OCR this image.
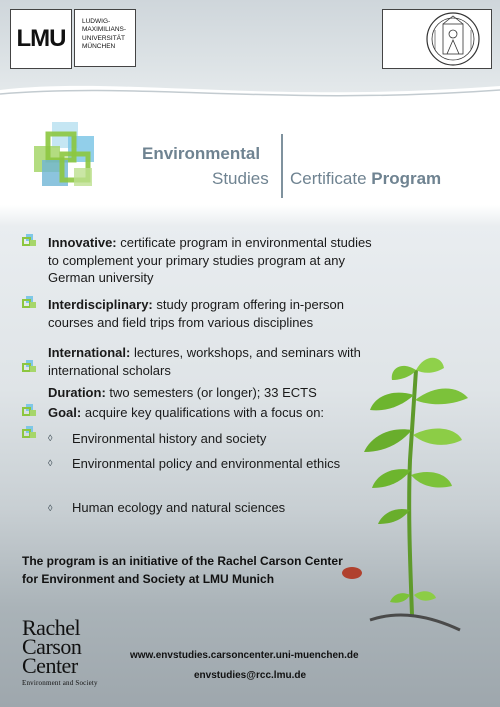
LMU
LUDWIG-
MAXIMILIANS-
UNIVERSITÄT
MÜNCHEN
Environmental
Studies Certificate Program
Innovative: certificate program in environmental studies to complement your primary studies program at any German university
Interdisciplinary: study program offering in-person courses and field trips from various disciplines
International: lectures, workshops, and seminars with international scholars
Duration: two semesters (or longer); 33 ECTS
Goal: acquire key qualifications with a focus on:
◊ Environmental history and society
◊ Environmental policy and environmental ethics
◊ Human ecology and natural sciences
The program is an initiative of the Rachel Carson Center for Environment and Society at LMU Munich
Rachel
Carson
Center
Environment and Society
www.envstudies.carsoncenter.uni-muenchen.de
envstudies@rcc.lmu.de
